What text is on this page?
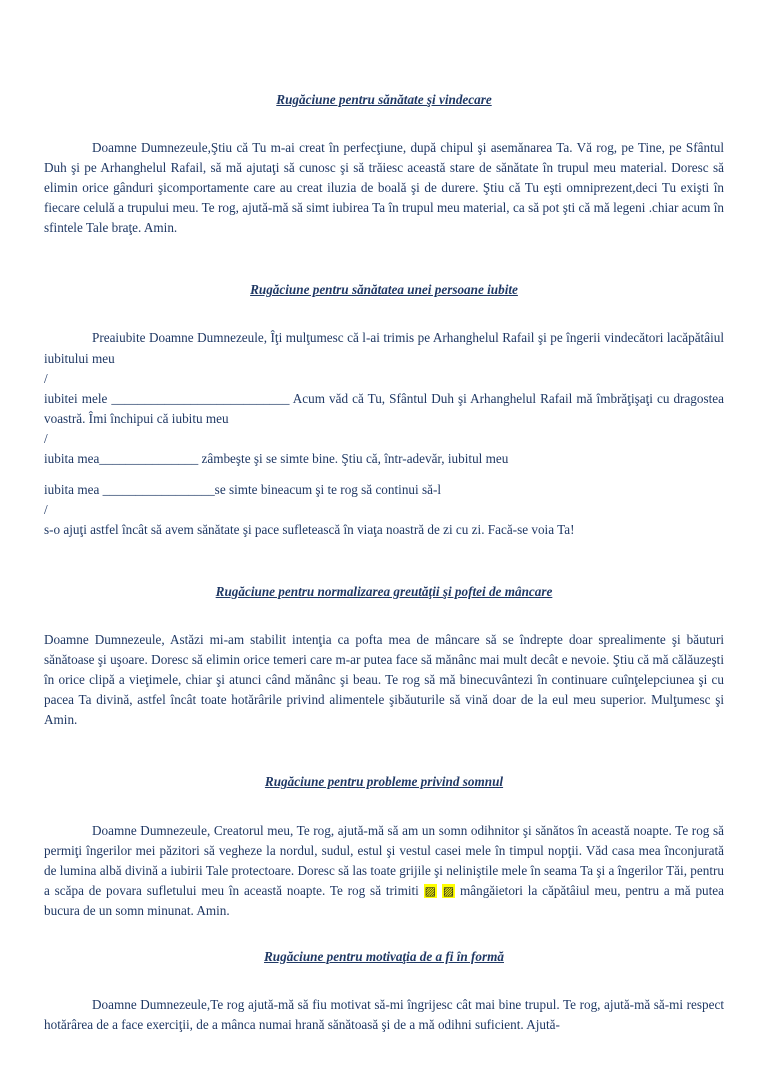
Rugăciune pentru sănătate şi vindecare

Doamne Dumnezeule,Ştiu că Tu m-ai creat în perfecţiune, după chipul şi asemănarea Ta. Vă rog, pe Tine, pe Sfântul Duh şi pe Arhanghelul Rafail, să mă ajutaţi să cunosc şi să trăiesc această stare de sănătate în trupul meu material. Doresc să elimin orice gânduri şicomportamente care au creat iluzia de boală şi de durere. Ştiu că Tu eşti omniprezent,deci Tu exişti în fiecare celulă a trupului meu. Te rog, ajută-mă să simt iubirea Ta în trupul meu material, ca să pot şti că mă legeni .chiar acum în sfintele Tale braţe. Amin.

Rugăciune pentru sănătatea unei persoane iubite

Preaiubite Doamne Dumnezeule, Îţi mulţumesc că l-ai trimis pe Arhanghelul Rafail şi pe îngerii vindecători lacăpătâiul iubitului meu

/

iubitei mele ___________________________ Acum văd că Tu, Sfântul Duh şi Arhanghelul Rafail mă îmbrăţişaţi cu dragostea voastră. Îmi închipui că iubitu meu

/

iubita mea_______________ zâmbeşte şi se simte bine. Ştiu că, într-adevăr, iubitul meu

iubita mea _________________se simte bineacum şi te rog să continui să-l

/

s-o ajuţi astfel încât să avem sănătate şi pace sufletească în viaţa noastră de zi cu zi. Facă-se voia Ta!

Rugăciune pentru normalizarea greutăţii şi poftei de mâncare

Doamne Dumnezeule, Astăzi mi-am stabilit intenţia ca pofta mea de mâncare să se îndrepte doar sprealimente şi băuturi sănătoase şi uşoare. Doresc să elimin orice temeri care m-ar putea face să mănânc mai mult decât e nevoie. Ştiu că mă călăuzeşti în orice clipă a vieţimele, chiar şi atunci când mănânc şi beau. Te rog să mă binecuvântezi în continuare cuînţelepciunea şi cu pacea Ta divină, astfel încât toate hotărârile privind alimentele şibăuturile să vină doar de la eul meu superior. Mulţumesc şi Amin.

Rugăciune pentru probleme privind somnul

Doamne Dumnezeule, Creatorul meu, Te rog, ajută-mă să am un somn odihnitor şi sănătos în această noapte. Te rog să permiţi îngerilor mei păzitori să vegheze la nordul, sudul, estul şi vestul casei mele în timpul nopţii. Văd casa mea înconjurată de lumina albă divină a iubirii Tale protectoare. Doresc să las toate grijile şi neliniştile mele în seama Ta şi a îngerilor Tăi, pentru a scăpa de povara sufletului meu în această noapte. Te rog să trimiti ▨ ▨ mângăietori la căpătâiul meu, pentru a mă putea bucura de un somn minunat. Amin.

Rugăciune pentru motivaţia de a fi în formă

Doamne Dumnezeule,Te rog ajută-mă să fiu motivat să-mi îngrijesc cât mai bine trupul. Te rog, ajută-mă să-mi respect hotărârea de a face exerciţii, de a mânca numai hrană sănătoasă şi de a mă odihni suficient. Ajută-
